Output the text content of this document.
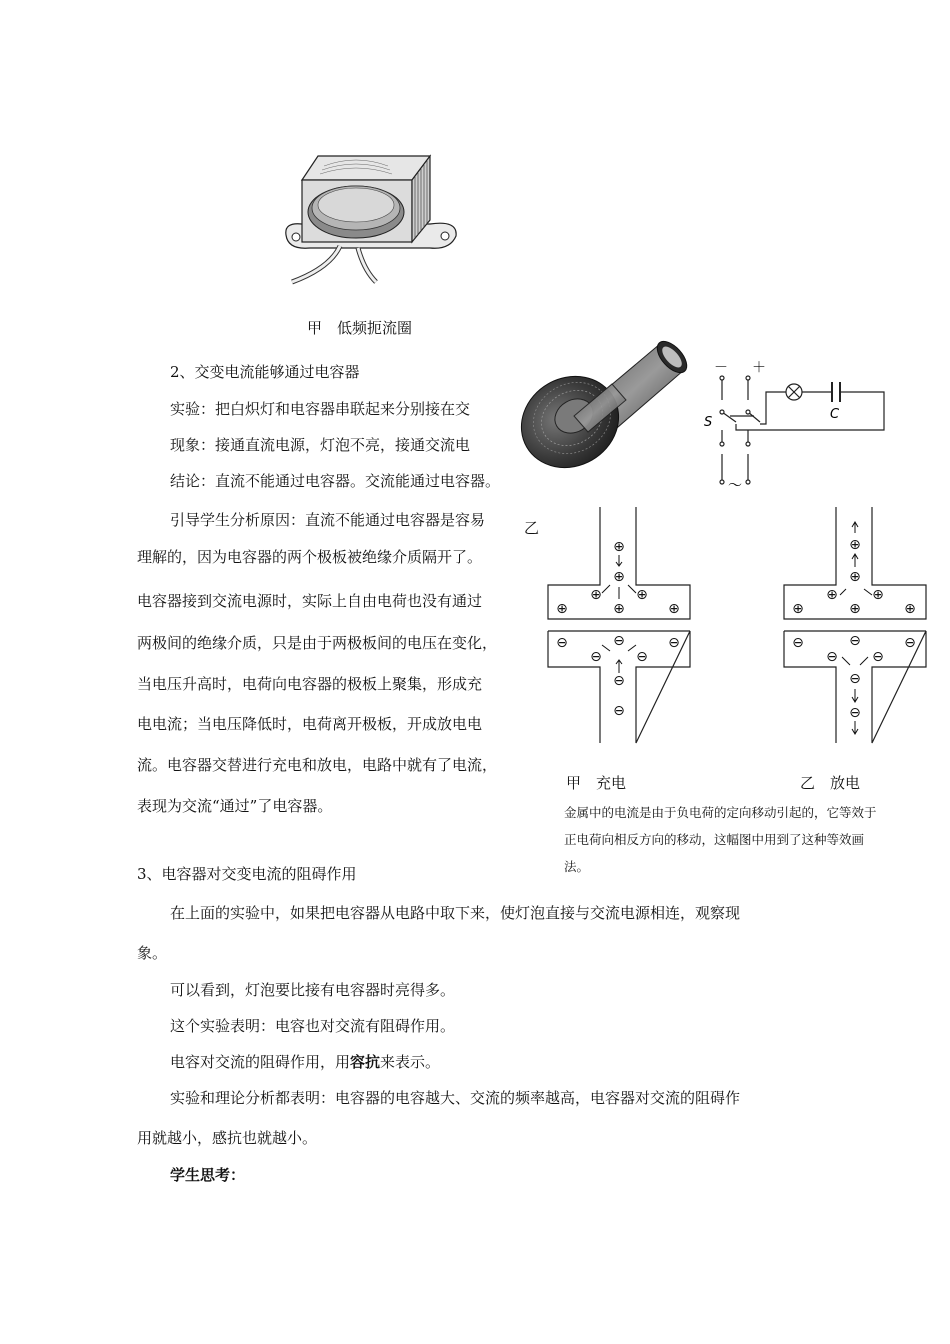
甲　低频扼流圈
2、交变电流能够通过电容器
实验：把白炽灯和电容器串联起来分别接在交
现象：接通直流电源，灯泡不亮，接通交流电
结论：直流不能通过电容器。交流能通过电容器。
引导学生分析原因：直流不能通过电容器是容易
理解的，因为电容器的两个极板被绝缘介质隔开了。
电容器接到交流电源时，实际上自由电荷也没有通过
两极间的绝缘介质，只是由于两极板间的电压在变化，
当电压升高时，电荷向电容器的极板上聚集，形成充
电电流；当电压降低时，电荷离开极板，开成放电电
流。电容器交替进行充电和放电，电路中就有了电流，
表现为交流“通过”了电容器。
乙
－ ＋
S
C
～
⊕
⊕
⊕
⊕
⊕
⊕
⊕
⊖
⊖
⊖
⊖
⊖
⊖
⊖
甲　充电
⊕
⊕
⊕
⊕
⊕
⊕
⊕
⊖
⊖
⊖
⊖
⊖
⊖
⊖
乙　放电
金属中的电流是由于负电荷的定向移动引起的，它等效于
正电荷向相反方向的移动，这幅图中用到了这种等效画
法。
3、电容器对交变电流的阻碍作用
在上面的实验中，如果把电容器从电路中取下来，使灯泡直接与交流电源相连，观察现
象。
可以看到，灯泡要比接有电容器时亮得多。
这个实验表明：电容也对交流有阻碍作用。
电容对交流的阻碍作用，用容抗来表示。
实验和理论分析都表明：电容器的电容越大、交流的频率越高，电容器对交流的阻碍作
用就越小，感抗也就越小。
学生思考：
